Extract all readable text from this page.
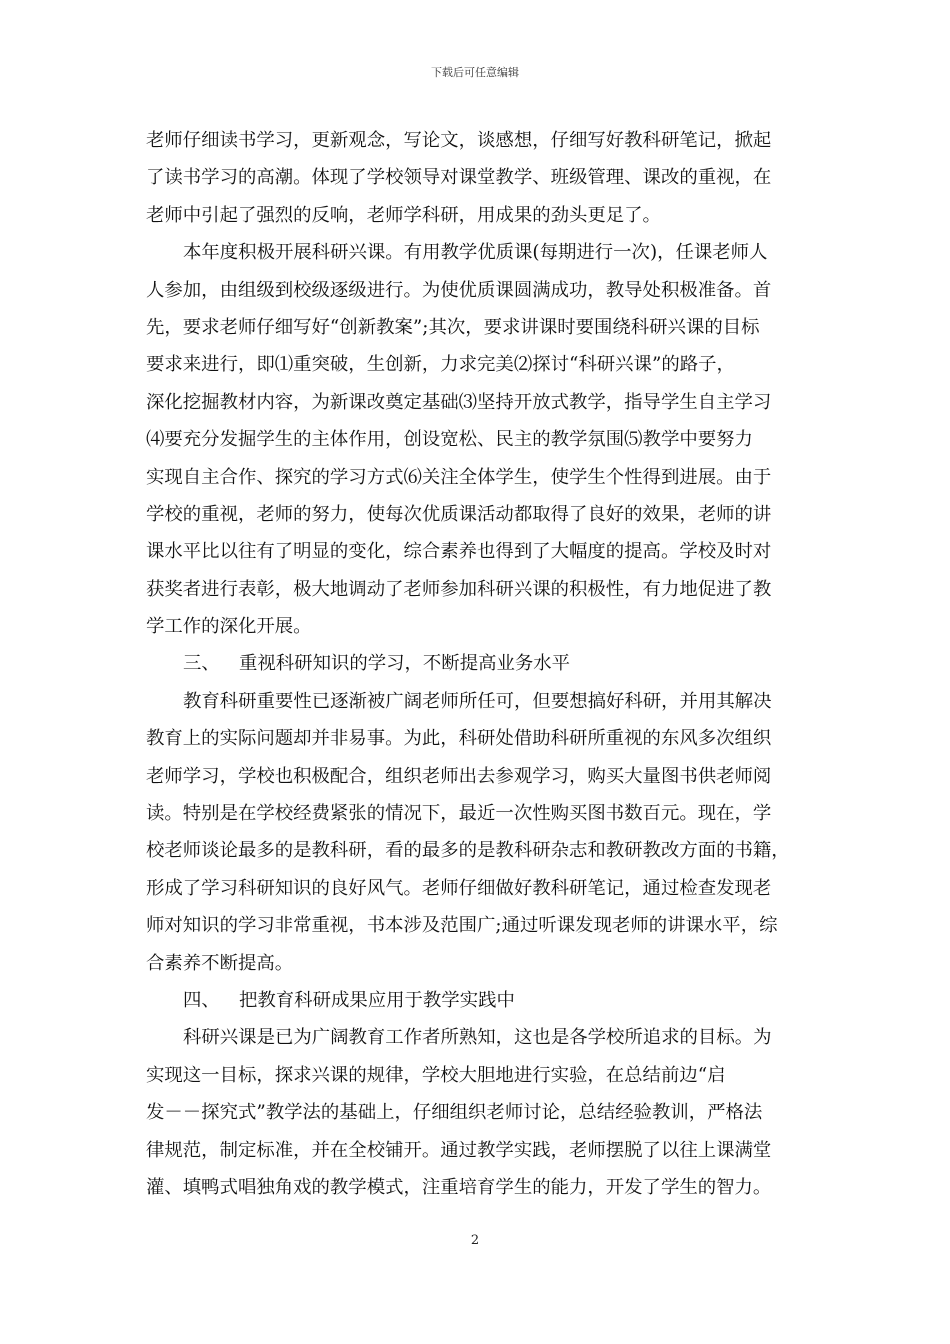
下载后可任意编辑
老师仔细读书学习，更新观念，写论文，谈感想，仔细写好教科研笔记，掀起
了读书学习的高潮。体现了学校领导对课堂教学、班级管理、课改的重视，在
老师中引起了强烈的反响，老师学科研，用成果的劲头更足了。
本年度积极开展科研兴课。有用教学优质课(每期进行一次)，任课老师人
人参加，由组级到校级逐级进行。为使优质课圆满成功，教导处积极准备。首
先，要求老师仔细写好“创新教案”;其次，要求讲课时要围绕科研兴课的目标
要求来进行，即⑴重突破，生创新，力求完美⑵探讨“科研兴课”的路子，
深化挖掘教材内容，为新课改奠定基础⑶坚持开放式教学，指导学生自主学习
⑷要充分发掘学生的主体作用，创设宽松、民主的教学氛围⑸教学中要努力
实现自主合作、探究的学习方式⑹关注全体学生，使学生个性得到进展。由于
学校的重视，老师的努力，使每次优质课活动都取得了良好的效果，老师的讲
课水平比以往有了明显的变化，综合素养也得到了大幅度的提高。学校及时对
获奖者进行表彰，极大地调动了老师参加科研兴课的积极性，有力地促进了教
学工作的深化开展。
三、 重视科研知识的学习，不断提高业务水平
教育科研重要性已逐渐被广阔老师所任可，但要想搞好科研，并用其解决
教育上的实际问题却并非易事。为此，科研处借助科研所重视的东风多次组织
老师学习，学校也积极配合，组织老师出去参观学习，购买大量图书供老师阅
读。特别是在学校经费紧张的情况下，最近一次性购买图书数百元。现在，学
校老师谈论最多的是教科研，看的最多的是教科研杂志和教研教改方面的书籍，
形成了学习科研知识的良好风气。老师仔细做好教科研笔记，通过检查发现老
师对知识的学习非常重视，书本涉及范围广;通过听课发现老师的讲课水平，综
合素养不断提高。
四、 把教育科研成果应用于教学实践中
科研兴课是已为广阔教育工作者所熟知，这也是各学校所追求的目标。为
实现这一目标，探求兴课的规律，学校大胆地进行实验，在总结前边“启
发－－探究式”教学法的基础上，仔细组织老师讨论，总结经验教训，严格法
律规范，制定标准，并在全校铺开。通过教学实践，老师摆脱了以往上课满堂
灌、填鸭式唱独角戏的教学模式，注重培育学生的能力，开发了学生的智力。
2
